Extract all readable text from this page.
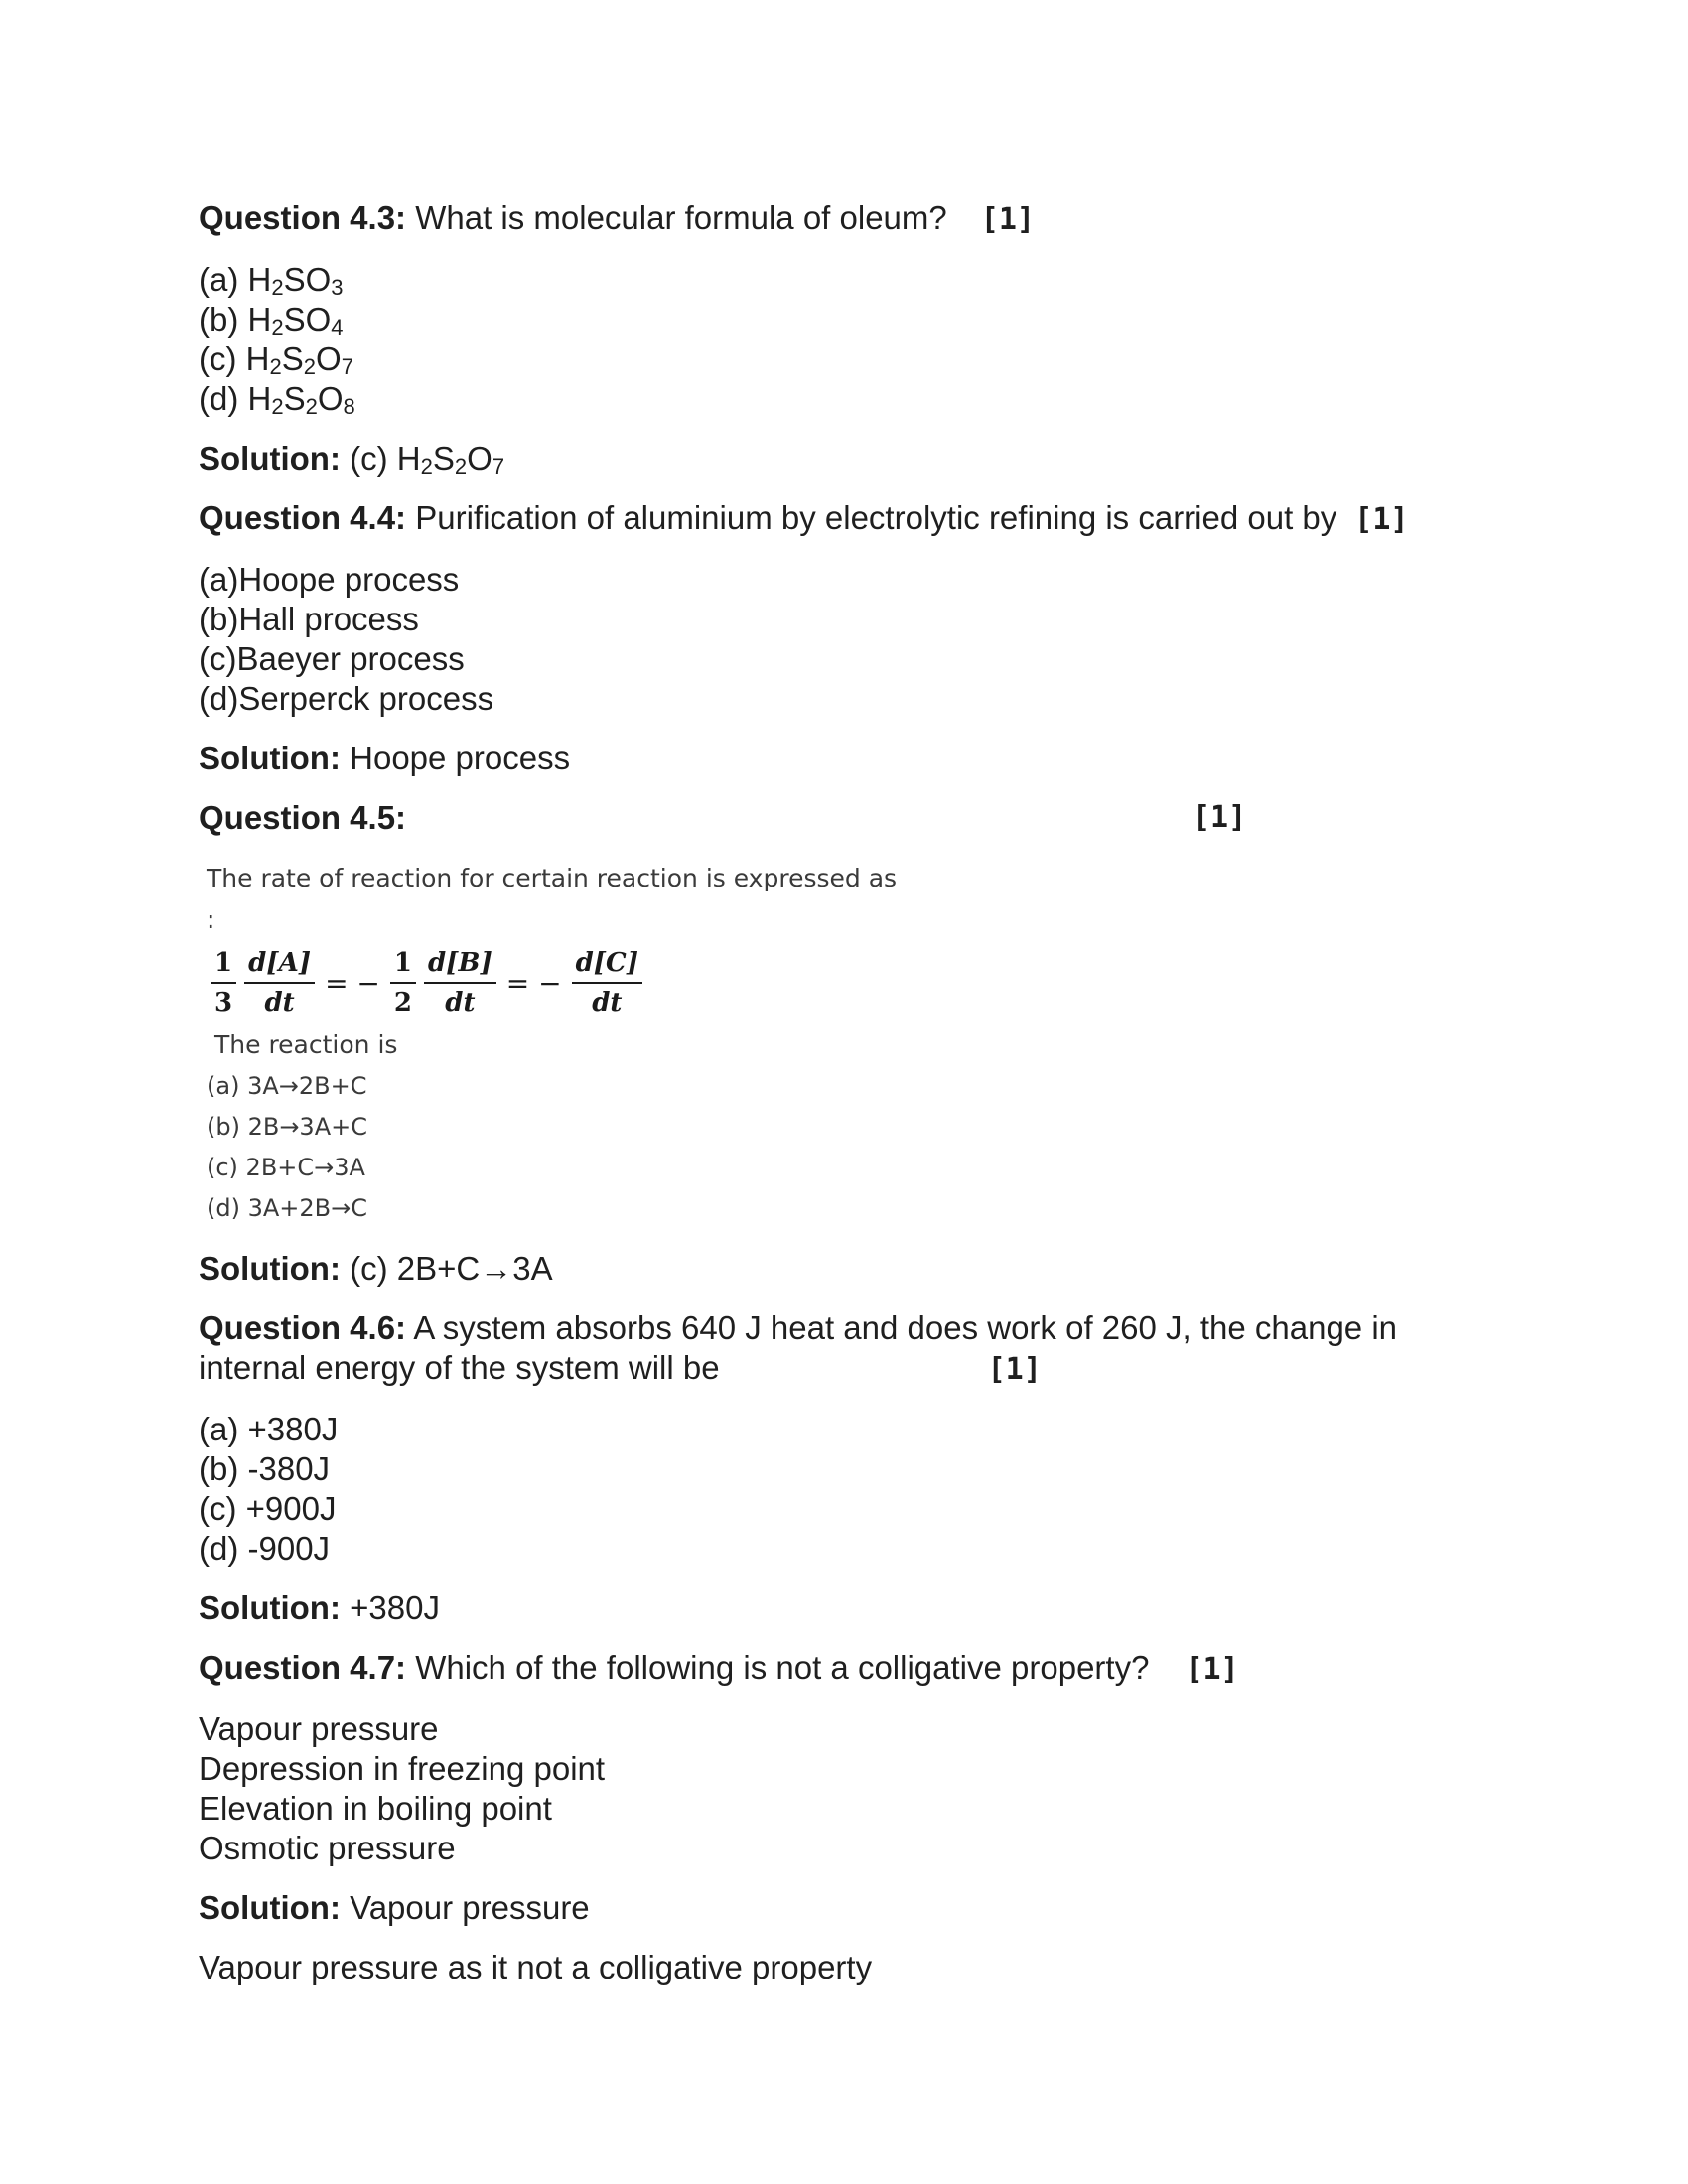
Question 4.3: What is molecular formula of oleum? [1]
(a) $H_2SO_3$
(b) $H_2SO_4$
(c) $H_2S_2O_7$
(d) $H_2S_2O_8$
Solution: (c) $H_2S_2O_7$
Question 4.4: Purification of aluminium by electrolytic refining is carried out by [1]
(a)Hoope process
(b)Hall process
(c)Baeyer process
(d)Serperck process
Solution: Hoope process
Question 4.5:	[1]
The rate of reaction for certain reaction is expressed as :
$\frac{1}{3} \frac{d[A]}{dt}$ = − $\frac{1}{2} \frac{d[B]}{dt}$ = − $\frac{d[C]}{dt}$
The reaction is
(a) 3A→2B+C
(b) 2B→3A+C
(c) 2B+C→3A
(d) 3A+2B→C
Solution: (c) 2B+C→3A
Question 4.6: A system absorbs 640 J heat and does work of 260 J, the change in
internal energy of the system will be	[1]
(a) +380J
(b) -380J
(c) +900J
(d) -900J
Solution: +380J
Question 4.7: Which of the following is not a colligative property? [1]
Vapour pressure
Depression in freezing point
Elevation in boiling point
Osmotic pressure
Solution: Vapour pressure
Vapour pressure as it not a colligative property
